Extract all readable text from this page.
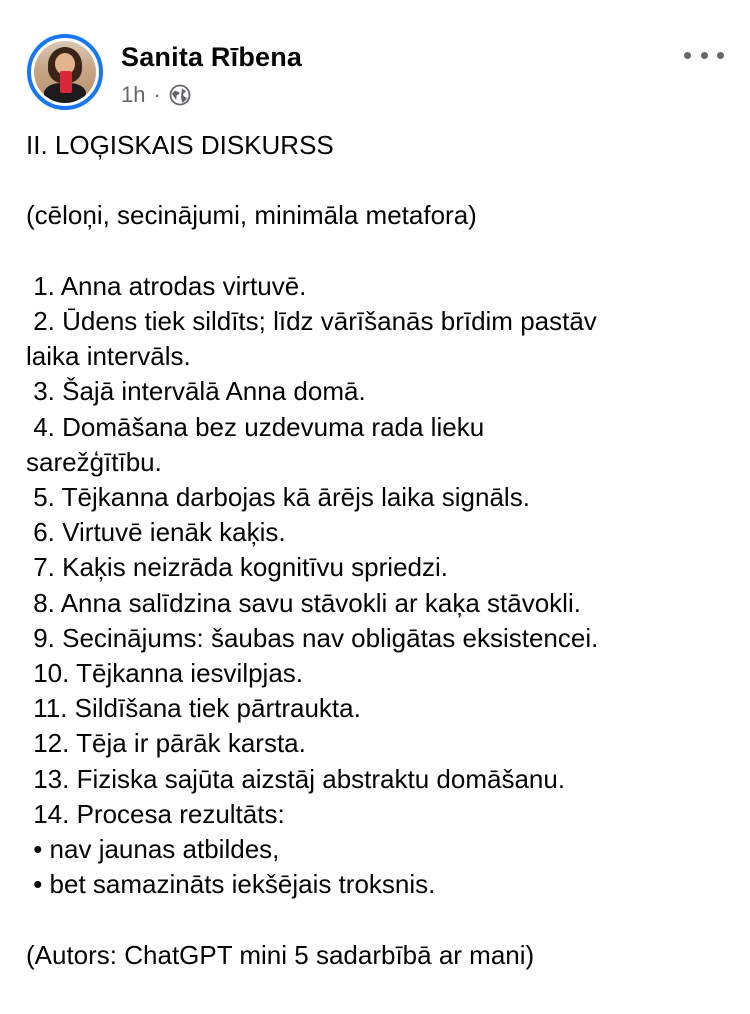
Sanita Rībena
1h ·
II. LOĢISKAIS DISKURSS
(cēloņi, secinājumi, minimāla metafora)
1. Anna atrodas virtuvē.
2. Ūdens tiek sildīts; līdz vārīšanās brīdim pastāv
laika intervāls.
3. Šajā intervālā Anna domā.
4. Domāšana bez uzdevuma rada lieku
sarežģītību.
5. Tējkanna darbojas kā ārējs laika signāls.
6. Virtuvē ienāk kaķis.
7. Kaķis neizrāda kognitīvu spriedzi.
8. Anna salīdzina savu stāvokli ar kaķa stāvokli.
9. Secinājums: šaubas nav obligātas eksistencei.
10. Tējkanna iesvilpjas.
11. Sildīšana tiek pārtraukta.
12. Tēja ir pārāk karsta.
13. Fiziska sajūta aizstāj abstraktu domāšanu.
14. Procesa rezultāts:
• nav jaunas atbildes,
• bet samazināts iekšējais troksnis.
(Autors: ChatGPT mini 5 sadarbībā ar mani)
